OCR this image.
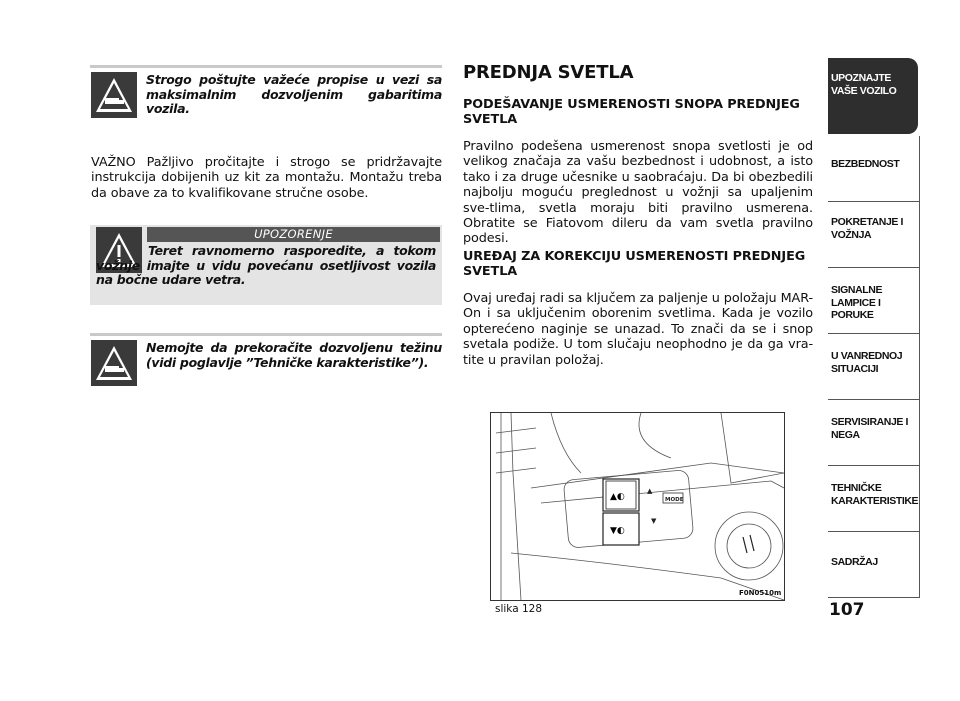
Strogo poštujte važeće propise u vezi sa maksimalnim dozvoljenim gabaritima vozila.
VAŽNO Pažljivo pročitajte i strogo se pridržavajte instrukcija dobijenih uz kit za montažu. Montažu treba da obave za to kvalifikovane stručne osobe.
UPOZORENJE
Teret ravnomerno rasporedite, a tokom vožnje imajte u vidu povećanu osetljivost vozila na bočne udare vetra.
Nemojte da prekoračite dozvoljenu težinu (vidi poglavlje ”Tehničke karakteristike”).
PREDNJA SVETLA
PODEŠAVANJE USMERENOSTI SNOPA PREDNJEG SVETLA
Pravilno podešena usmerenost snopa svetlosti je od velikog značaja za vašu bezbednost i udobnost, a isto tako i za druge učesnike u saobraćaju. Da bi obezbedili najbolju moguću preglednost u vožnji sa upaljenim sve-tlima, svetla moraju biti pravilno usmerena. Obratite se Fiatovom dileru da vam svetla pravilno podesi.
UREĐAJ ZA KOREKCIJU USMERENOSTI PREDNJEG SVETLA
Ovaj uređaj radi sa ključem za paljenje u položaju MAR-On i sa uključenim oborenim svetlima. Kada je vozilo opterećeno naginje se unazad. To znači da se i snop svetala podiže. U tom slučaju neophodno je da ga vra-tite u pravilan položaj.
▲◐
▼◐
▲
▼
MODE
slika 128
F0N0510m
UPOZNAJTE VAŠE VOZILO
BEZBEDNOST
POKRETANJE I VOŽNJA
SIGNALNE LAMPICE I PORUKE
U VANREDNOJ SITUACIJI
SERVISIRANJE I NEGA
TEHNIČKE KARAKTERISTIKE
SADRŽAJ
107
